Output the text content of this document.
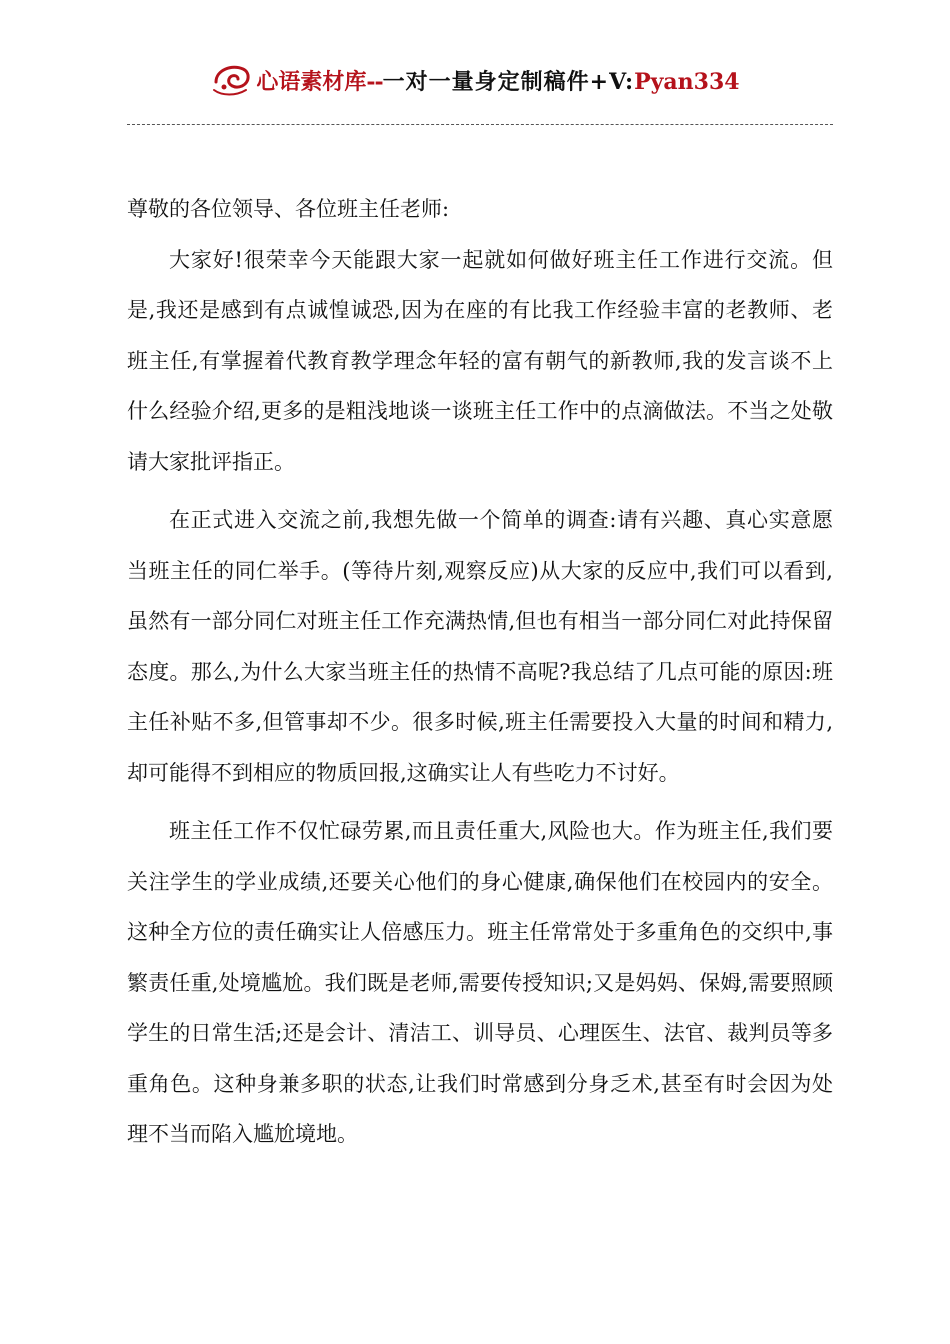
心语素材库--一对一量身定制稿件+V:Pyan334

尊敬的各位领导、各位班主任老师:

大家好!很荣幸今天能跟大家一起就如何做好班主任工作进行交流。但是,我还是感到有点诚惶诚恐,因为在座的有比我工作经验丰富的老教师、老班主任,有掌握着代教育教学理念年轻的富有朝气的新教师,我的发言谈不上什么经验介绍,更多的是粗浅地谈一谈班主任工作中的点滴做法。不当之处敬请大家批评指正。

在正式进入交流之前,我想先做一个简单的调查:请有兴趣、真心实意愿当班主任的同仁举手。(等待片刻,观察反应)从大家的反应中,我们可以看到,虽然有一部分同仁对班主任工作充满热情,但也有相当一部分同仁对此持保留态度。那么,为什么大家当班主任的热情不高呢?我总结了几点可能的原因:班主任补贴不多,但管事却不少。很多时候,班主任需要投入大量的时间和精力,却可能得不到相应的物质回报,这确实让人有些吃力不讨好。

班主任工作不仅忙碌劳累,而且责任重大,风险也大。作为班主任,我们要关注学生的学业成绩,还要关心他们的身心健康,确保他们在校园内的安全。这种全方位的责任确实让人倍感压力。班主任常常处于多重角色的交织中,事繁责任重,处境尴尬。我们既是老师,需要传授知识;又是妈妈、保姆,需要照顾学生的日常生活;还是会计、清洁工、训导员、心理医生、法官、裁判员等多重角色。这种身兼多职的状态,让我们时常感到分身乏术,甚至有时会因为处理不当而陷入尴尬境地。
